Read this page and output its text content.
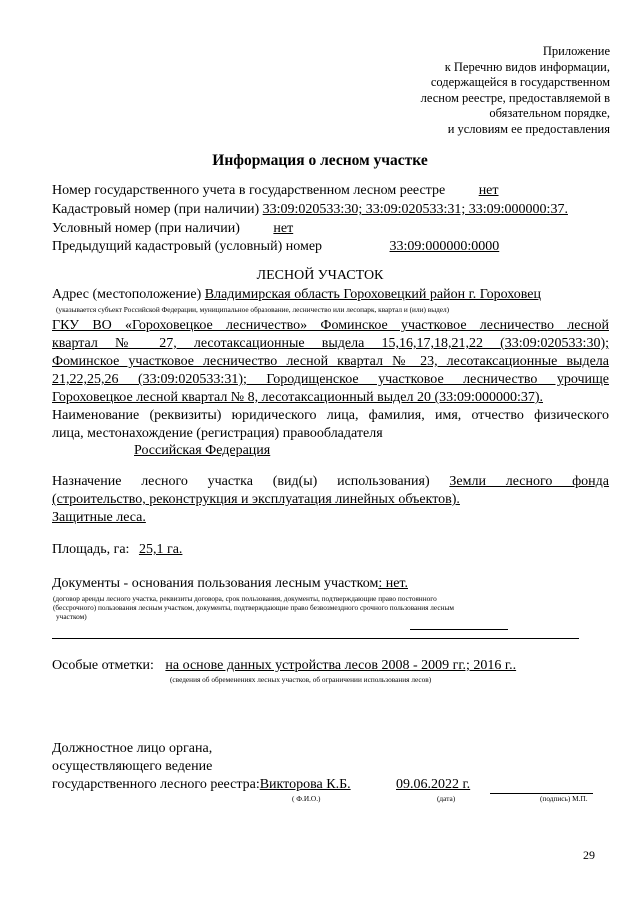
Приложение
к Перечню видов информации,
содержащейся в государственном
лесном реестре, предоставляемой в
обязательном порядке,
и условиям ее предоставления
Информация о лесном участке
Номер государственного учета в государственном лесном реестре нет
Кадастровый номер (при наличии) 33:09:020533:30; 33:09:020533:31; 33:09:000000:37.
Условный номер (при наличии) нет
Предыдущий кадастровый (условный) номер	33:09:000000:0000
ЛЕСНОЙ УЧАСТОК
Адрес (местоположение) Владимирская область Гороховецкий район г. Гороховец
(указывается субъект Российской Федерации, муниципальное образование, лесничество или лесопарк, квартал и (или) выдел)
ГКУ ВО «Гороховецкое лесничество» Фоминское участковое лесничество лесной
квартал № 27, лесотаксационные выдела 15,16,17,18,21,22 (33:09:020533:30);
Фоминское участковое лесничество лесной квартал № 23, лесотаксационные выдела
21,22,25,26 (33:09:020533:31); Городищенское участковое лесничество урочище
Гороховецкое лесной квартал № 8, лесотаксационный выдел 20 (33:09:000000:37).
Наименование (реквизиты) юридического лица, фамилия, имя, отчество физического
лица, местонахождение (регистрация) правообладателя
Российская Федерация
Назначение лесного участка (вид(ы) использования) Земли лесного фонда
(строительство, реконструкция и эксплуатация линейных объектов).
Защитные леса.
Площадь, га: 25,1 га.
Документы - основания пользования лесным участком: нет.
(договор аренды лесного участка, реквизиты договора, срок пользования, документы, подтверждающие право постоянного
(бессрочного) пользования лесным участком, документы, подтверждающие право безвозмездного срочного пользования лесным
участком)
Особые отметки: на основе данных устройства лесов 2008 - 2009 гг.; 2016 г..
(сведения об обременениях лесных участков, об ограничении использования лесов)
Должностное лицо органа,
осуществляющего ведение
государственного лесного реестра:Викторова К.Б.	09.06.2022 г.
( Ф.И.О.)	(дата)	(подпись) М.П.
29
